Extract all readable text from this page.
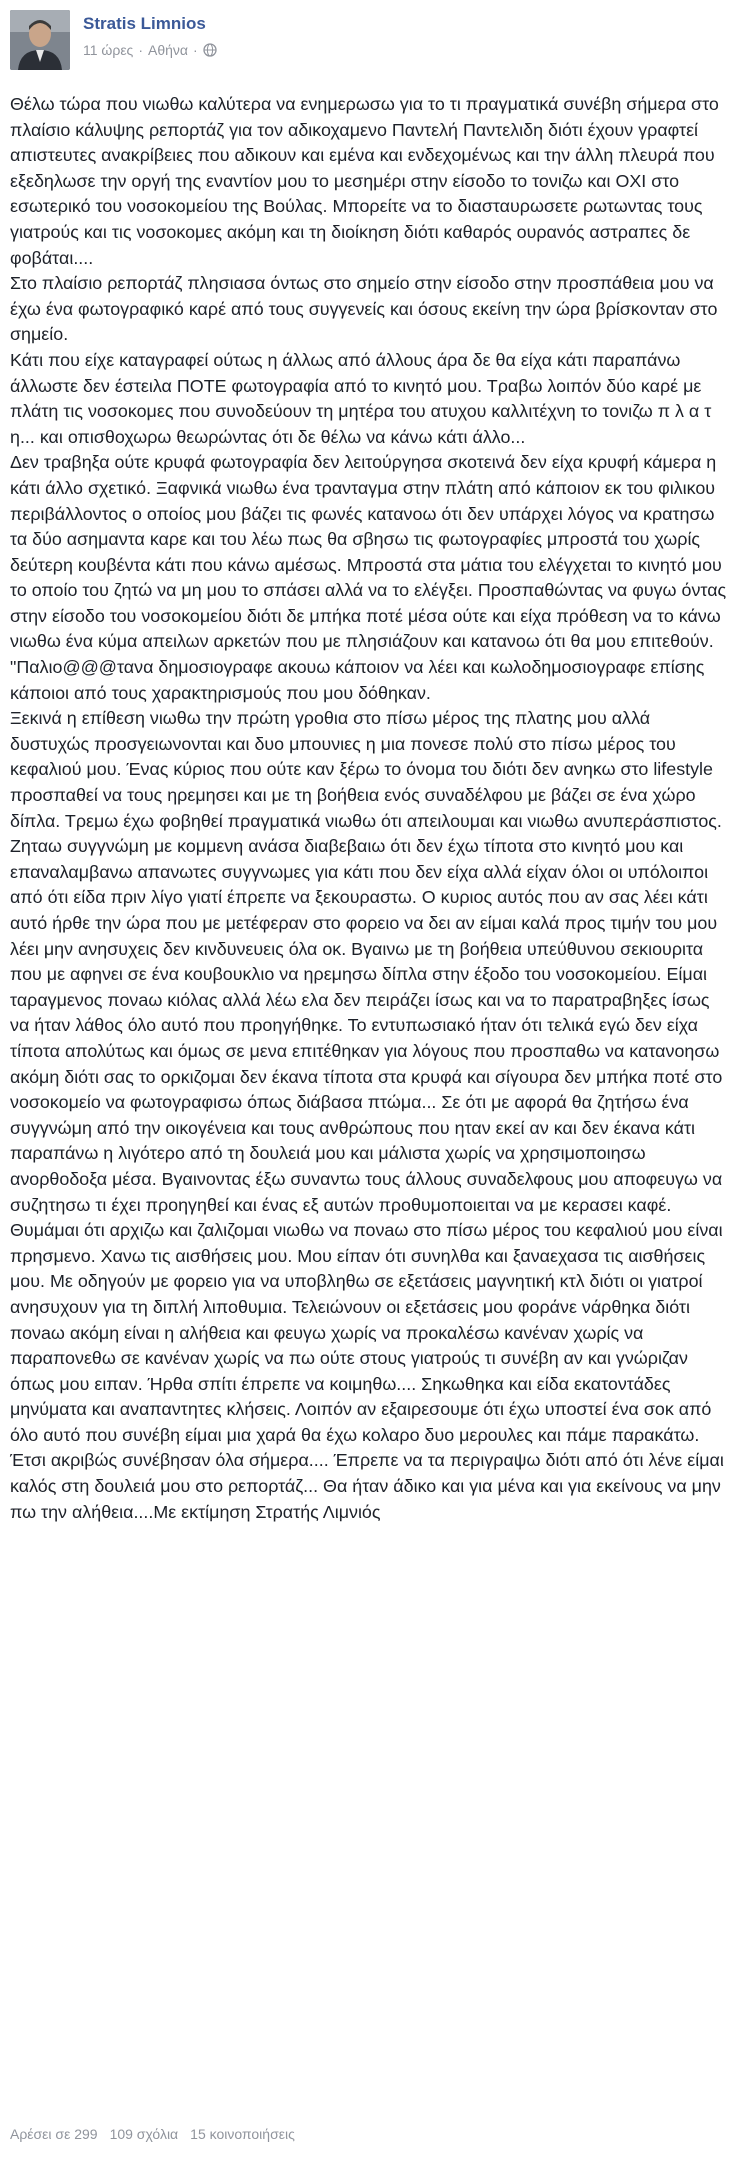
Stratis Limnios
11 ώρες · Αθήνα ·

Θέλω τώρα που νιωθω καλύτερα να ενημερωσω για το τι πραγματικά συνέβη σήμερα στο πλαίσιο κάλυψης ρεπορτάζ για τον αδικοχαμενο Παντελή Παντελιδη διότι έχουν γραφτεί απιστευτες ανακρίβειες που αδικουν και εμένα και ενδεχομένως και την άλλη πλευρά που εξεδηλωσε την οργή της εναντίον μου το μεσημέρι στην είσοδο το τονιζω και ΟΧΙ στο εσωτερικό του νοσοκομείου της Βούλας. Μπορείτε να το διασταυρωσετε ρωτωντας τους γιατρούς και τις νοσοκομες ακόμη και τη διοίκηση διότι καθαρός ουρανός αστραπες δε φοβάται....

Στο πλαίσιο ρεπορτάζ πλησιασα όντως στο σημείο στην είσοδο στην προσπάθεια μου να έχω ένα φωτογραφικό καρέ από τους συγγενείς και όσους εκείνη την ώρα βρίσκονταν στο σημείο.

Κάτι που είχε καταγραφεί ούτως η άλλως από άλλους άρα δε θα είχα κάτι παραπάνω άλλωστε δεν έστειλα ΠΟΤΕ φωτογραφία από το κινητό μου. Τραβω λοιπόν δύο καρέ με πλάτη τις νοσοκομες που συνοδεύουν τη μητέρα του ατυχου καλλιτέχνη το τονιζω π λ α τ η... και οπισθοχωρω θεωρώντας ότι δε θέλω να κάνω κάτι άλλο...

Δεν τραβηξα ούτε κρυφά φωτογραφία δεν λειτούργησα σκοτεινά δεν είχα κρυφή κάμερα η κάτι άλλο σχετικό. Ξαφνικά νιωθω ένα τρανταγμα στην πλάτη από κάποιον εκ του φιλικου περιβάλλοντος ο οποίος μου βάζει τις φωνές κατανοω ότι δεν υπάρχει λόγος να κρατησω τα δύο ασημαντα καρε και του λέω πως θα σβησω τις φωτογραφίες μπροστά του χωρίς δεύτερη κουβέντα κάτι που κάνω αμέσως. Μπροστά στα μάτια του ελέγχεται το κινητό μου το οποίο του ζητώ να μη μου το σπάσει αλλά να το ελέγξει. Προσπαθώντας να φυγω όντας στην είσοδο του νοσοκομείου διότι δε μπήκα ποτέ μέσα ούτε και είχα πρόθεση να το κάνω νιωθω ένα κύμα απειλων αρκετών που με πλησιάζουν και κατανοω ότι θα μου επιτεθούν. "Παλιο@@@τανα δημοσιογραφε ακουω κάποιον να λέει και κωλοδημοσιογραφε επίσης κάποιοι από τους χαρακτηρισμούς που μου δόθηκαν.

Ξεκινά η επίθεση νιωθω την πρώτη γροθια στο πίσω μέρος της πλατης μου αλλά δυστυχώς προσγειωνονται και δυο μπουνιες η μια πονεσε πολύ στο πίσω μέρος του κεφαλιού μου. Ένας κύριος που ούτε καν ξέρω το όνομα του διότι δεν ανηκω στο lifestyle προσπαθεί να τους ηρεμησει και με τη βοήθεια ενός συναδέλφου με βάζει σε ένα χώρο δίπλα. Τρεμω έχω φοβηθεί πραγματικά νιωθω ότι απειλουμαι και νιωθω ανυπεράσπιστος. Ζηταω συγγνώμη με κομμενη ανάσα διαβεβαιω ότι δεν έχω τίποτα στο κινητό μου και επαναλαμβανω απανωτες συγγνωμες για κάτι που δεν είχα αλλά είχαν όλοι οι υπόλοιποι από ότι είδα πριν λίγο γιατί έπρεπε να ξεκουραστω. Ο κυριος αυτός που αν σας λέει κάτι αυτό ήρθε την ώρα που με μετέφεραν στο φορειο να δει αν είμαι καλά προς τιμήν του μου λέει μην ανησυχεις δεν κινδυνευεις όλα οκ. Βγαινω με τη βοήθεια υπεύθυνου σεκιουριτα που με αφηνει σε ένα κουβουκλιο να ηρεμησω δίπλα στην έξοδο του νοσοκομείου. Είμαι ταραγμενος πονaω κιόλας αλλά λέω ελα δεν πειράζει ίσως και να το παρατραβηξες ίσως να ήταν λάθος όλο αυτό που προηγήθηκε. Το εντυπωσιακό ήταν ότι τελικά εγώ δεν είχα τίποτα απολύτως και όμως σε μενα επιτέθηκαν για λόγους που προσπαθω να κατανοησω ακόμη διότι σας το ορκιζομαι δεν έκανα τίποτα στα κρυφά και σίγουρα δεν μπήκα ποτέ στο νοσοκομείο να φωτογραφισω όπως διάβασα πτώμα... Σε ότι με αφορά θα ζητήσω ένα συγγνώμη από την οικογένεια και τους ανθρώπους που ηταν εκεί αν και δεν έκανα κάτι παραπάνω η λιγότερο από τη δουλειά μου και μάλιστα χωρίς να χρησιμοποιησω ανορθοδοξα μέσα. Βγαινοντας έξω συναντω τους άλλους συναδελφους μου αποφευγω να συζητησω τι έχει προηγηθεί και ένας εξ αυτών προθυμοποιειται να με κερασει καφέ. Θυμάμαι ότι αρχιζω και ζαλιζομαι νιωθω να πονaω στο πίσω μέρος του κεφαλιού μου είναι πρησμενο. Χανω τις αισθήσεις μου. Μου είπαν ότι συνηλθα και ξαναεχασα τις αισθήσεις μου. Με οδηγούν με φορειο για να υποβληθω σε εξετάσεις μαγνητική κτλ διότι οι γιατροί ανησυχουν για τη διπλή λιποθυμια. Τελειώνουν οι εξετάσεις μου φοράνε νάρθηκα διότι πονaω ακόμη είναι η αλήθεια και φευγω χωρίς να προκαλέσω κανέναν χωρίς να παραπονεθω σε κανέναν χωρίς να πω ούτε στους γιατρούς τι συνέβη αν και γνώριζαν όπως μου ειπαν. Ήρθα σπίτι έπρεπε να κοιμηθω.... Σηκωθηκα και είδα εκατοντάδες μηνύματα και αναπαντητες κλήσεις. Λοιπόν αν εξαιρεσουμε ότι έχω υποστεί ένα σοκ από όλο αυτό που συνέβη είμαι μια χαρά θα έχω κολαρο δυο μερουλες και πάμε παρακάτω. Έτσι ακριβώς συνέβησαν όλα σήμερα.... Έπρεπε να τα περιγραψω διότι από ότι λένε είμαι καλός στη δουλειά μου στο ρεπορτάζ... Θα ήταν άδικο και για μένα και για εκείνους να μην πω την αλήθεια....Με εκτίμηση Στρατής Λιμνιός

Αρέσει σε 299 109 σχόλια 15 κοινοποιήσεις
